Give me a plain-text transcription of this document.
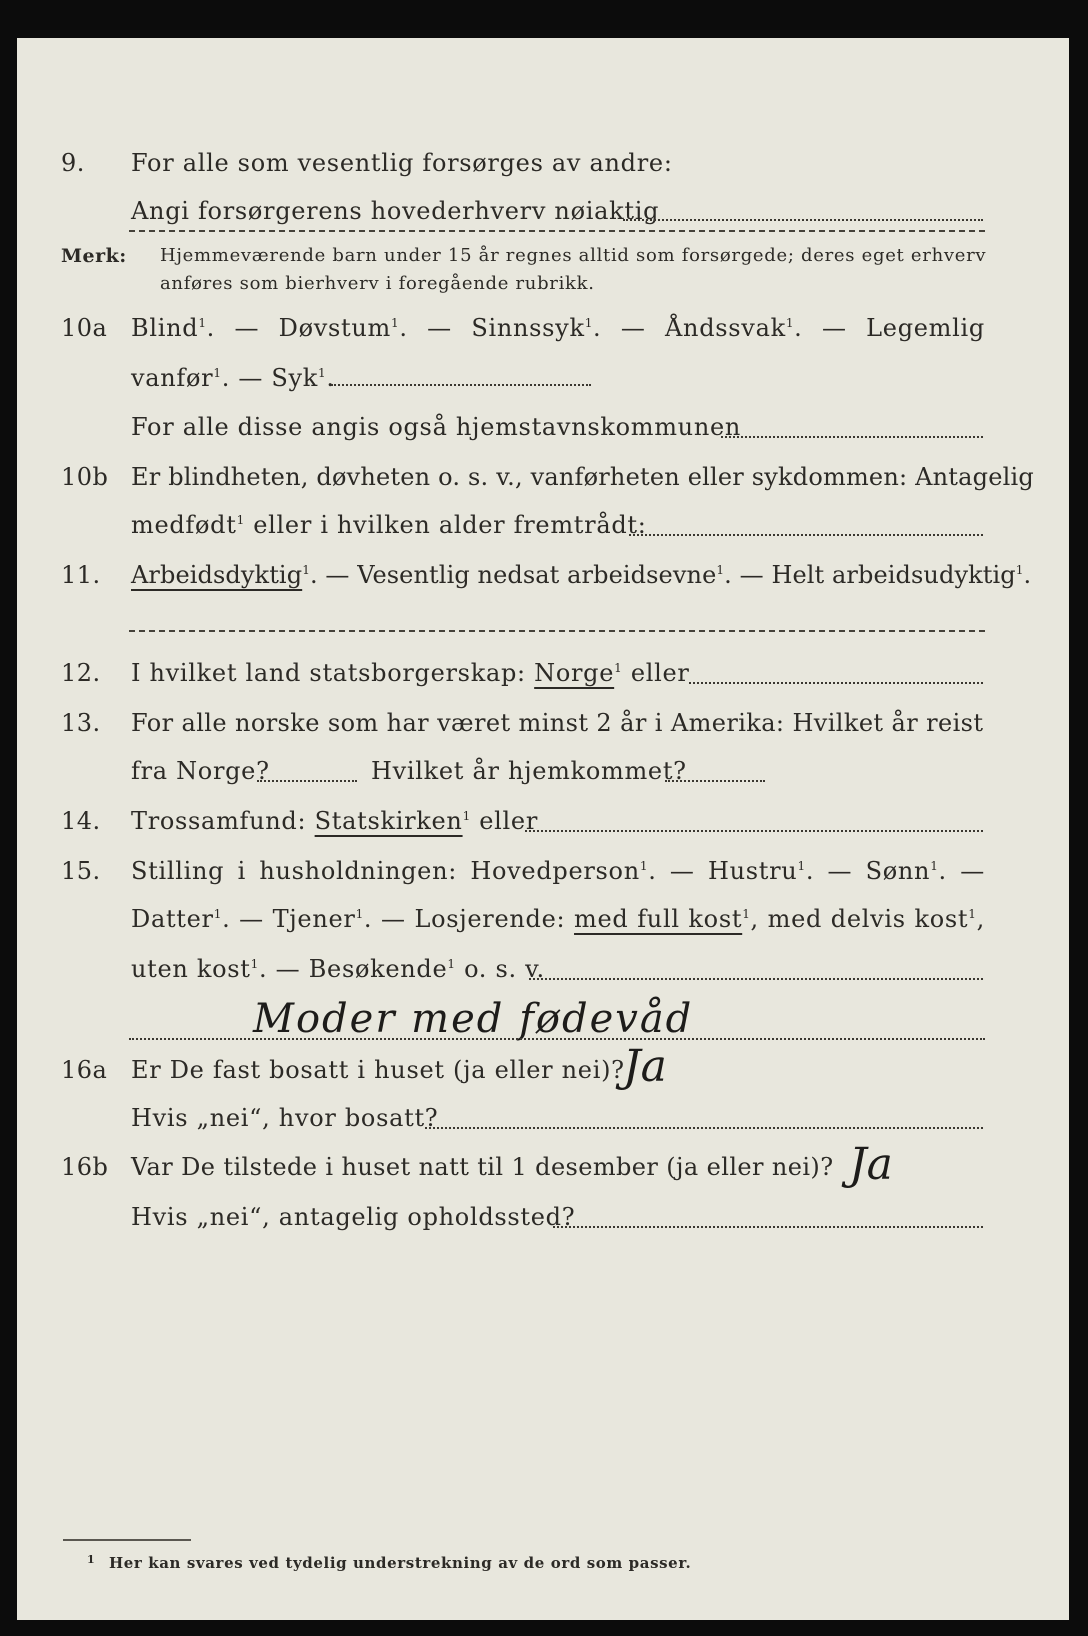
9. For alle som vesentlig forsørges av andre:
Angi forsørgerens hovederhverv nøiaktig
Merk: Hjemmeværende barn under 15 år regnes alltid som forsørgede; deres eget erhverv
anføres som bierhverv i foregående rubrikk.
10a Blind$^1$. — Døvstum$^1$. — Sinnssyk$^1$. — Åndssvak$^1$. — Legemlig
vanfør$^1$. — Syk$^1$.
For alle disse angis også hjemstavnskommunen
10b Er blindheten, døvheten o. s. v., vanførheten eller sykdommen: Antagelig
medfødt$^1$ eller i hvilken alder fremtrådt:
11. Arbeidsdyktig$^1$. — Vesentlig nedsat arbeidsevne$^1$. — Helt arbeidsudyktig$^1$.
12. I hvilket land statsborgerskap: Norge$^1$ eller
13. For alle norske som har været minst 2 år i Amerika: Hvilket år reist
fra Norge?	Hvilket år hjemkommet?
14. Trossamfund: Statskirken$^1$ eller
15. Stilling i husholdningen: Hovedperson$^1$. — Hustru$^1$. — Sønn$^1$. —
Datter$^1$. — Tjener$^1$. — Losjerende: med full kost$^1$, med delvis kost$^1$,
uten kost$^1$. — Besøkende$^1$ o. s. v.
Moder med fødevåd
16a Er De fast bosatt i huset (ja eller nei)?
Ja
Hvis „nei“, hvor bosatt?
16b Var De tilstede i huset natt til 1 desember (ja eller nei)? Ja
Hvis „nei“, antagelig opholdssted?
1 Her kan svares ved tydelig understrekning av de ord som passer.
